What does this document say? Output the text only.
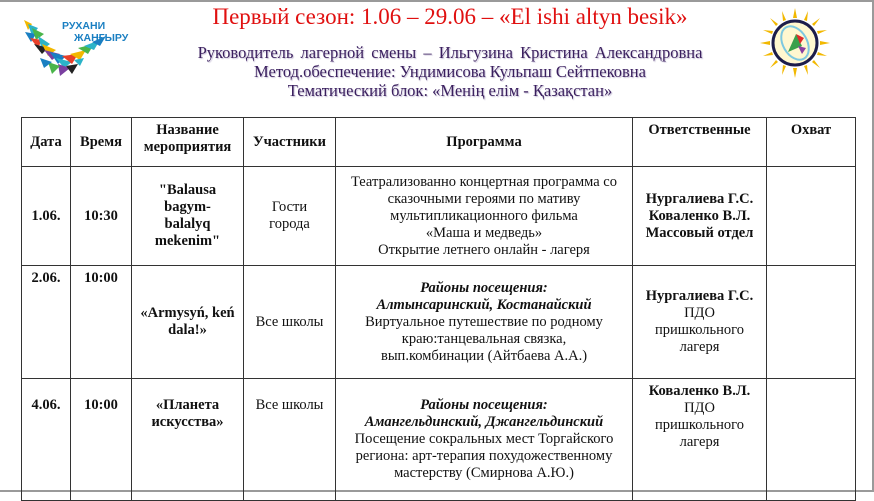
РУХАНИ
ЖАҢҒЫРУ
Первый сезон: 1.06 – 29.06 – «El ishi altyn besik»
Руководитель лагерной смены – Ильгузина Кристина Александровна
Метод.обеспечение: Ундимисова Кульпаш Сейтпековна
Тематический блок: «Менің елім - Қазақстан»
Дата	Время	Название мероприятия	Участники	Программа	Ответственные	Охват
1.06.	10:30	"Balausa
bagym-
balalyq
mekenim"	Гости
города	Театрализованно концертная программа со
сказочными героями по мативу
мультипликационного фильма
«Маша и медведь»
Открытие летнего онлайн - лагеря	Нургалиева Г.С.
Коваленко В.Л.
Массовый отдел	

2.06.	10:00	«Armysyń, keń
dala!»	Все школы	Районы посещения:
Алтынсаринский, Костанайский
Виртуальное путешествие по родному
краю:танцевальная связка,
вып.комбинации (Айтбаева А.А.)	Нургалиева Г.С.
ПДО
пришкольного
лагеря	

4.06.	10:00	«Планета
искусства»	Все школы	Районы посещения:
Амангельдинский, Джангельдинский
Посещение сокральных мест Торгайского
региона: арт-терапия похудожественному
мастерству (Смирнова А.Ю.)	Коваленко В.Л.
ПДО
пришкольного
лагеря	
